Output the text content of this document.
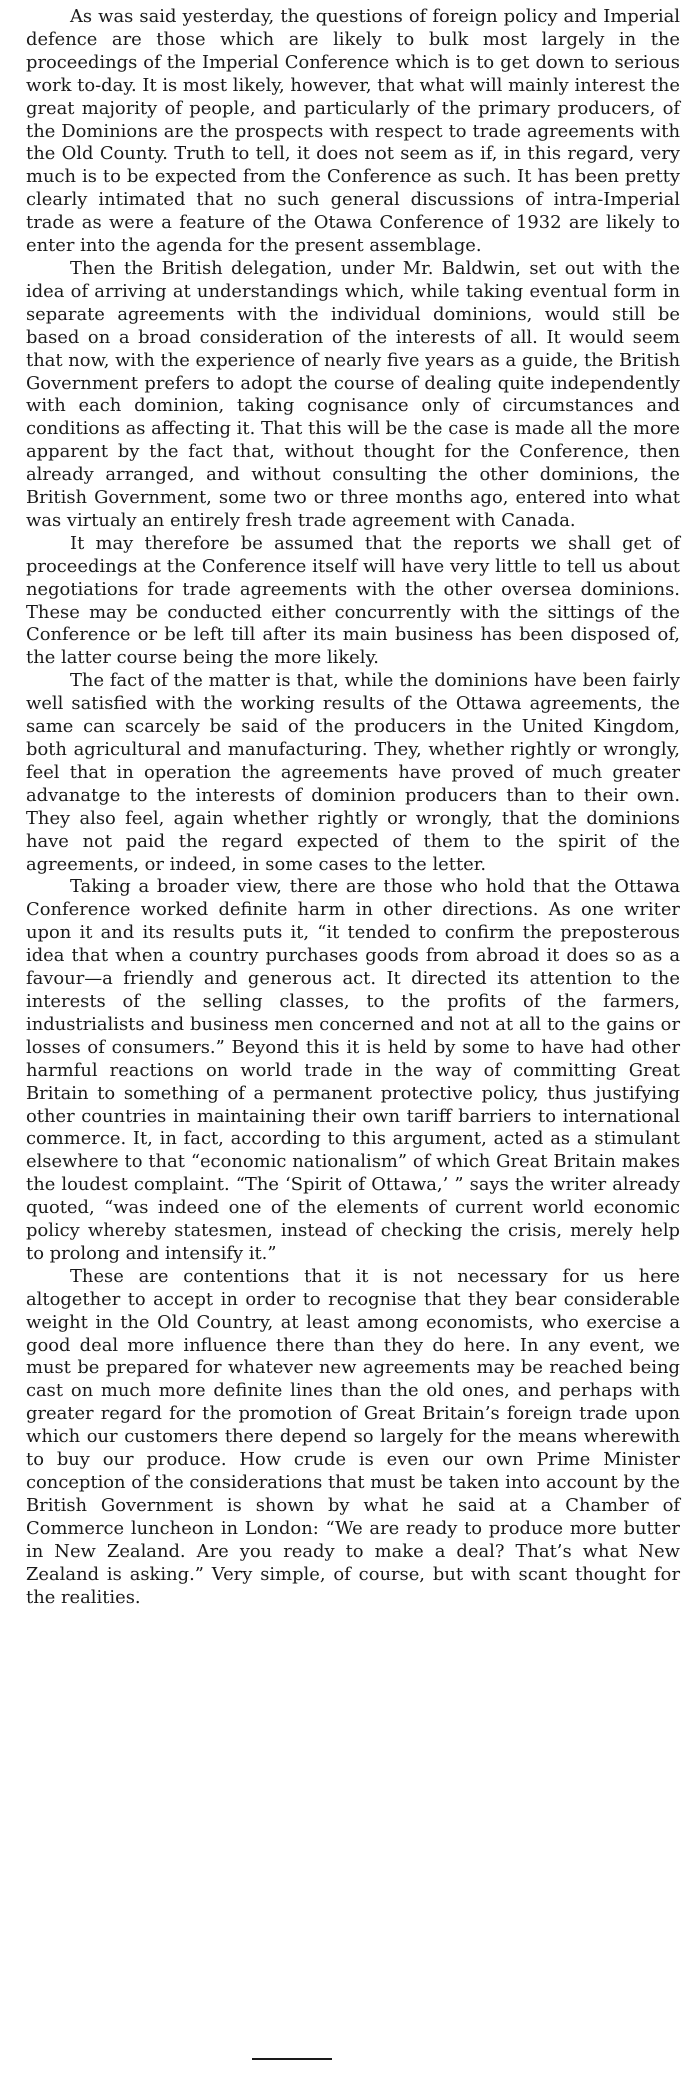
As was said yesterday, the questions of foreign policy and Imperial defence are those which are likely to bulk most largely in the proceedings of the Imperial Conference which is to get down to serious work to-day. It is most likely, however, that what will mainly interest the great majority of people, and particularly of the primary producers, of the Dominions are the prospects with respect to trade agreements with the Old County. Truth to tell, it does not seem as if, in this regard, very much is to be expected from the Conference as such. It has been pretty clearly intimated that no such general discussions of intra-Imperial trade as were a feature of the Otawa Conference of 1932 are likely to enter into the agenda for the present assemblage.

Then the British delegation, under Mr. Baldwin, set out with the idea of arriving at understandings which, while taking eventual form in separate agreements with the individual dominions, would still be based on a broad consideration of the interests of all. It would seem that now, with the experience of nearly five years as a guide, the British Government prefers to adopt the course of dealing quite independently with each dominion, taking cognisance only of circumstances and conditions as affecting it. That this will be the case is made all the more apparent by the fact that, without thought for the Conference, then already arranged, and without consulting the other dominions, the British Government, some two or three months ago, entered into what was virtualy an entirely fresh trade agreement with Canada.

It may therefore be assumed that the reports we shall get of proceedings at the Conference itself will have very little to tell us about negotiations for trade agreements with the other oversea dominions. These may be conducted either concurrently with the sittings of the Conference or be left till after its main business has been disposed of, the latter course being the more likely.

The fact of the matter is that, while the dominions have been fairly well satisfied with the working results of the Ottawa agreements, the same can scarcely be said of the producers in the United Kingdom, both agricultural and manufacturing. They, whether rightly or wrongly, feel that in operation the agreements have proved of much greater advanatge to the interests of dominion producers than to their own. They also feel, again whether rightly or wrongly, that the dominions have not paid the regard expected of them to the spirit of the agreements, or indeed, in some cases to the letter.

Taking a broader view, there are those who hold that the Ottawa Conference worked definite harm in other directions. As one writer upon it and its results puts it, “it tended to confirm the preposterous idea that when a country purchases goods from abroad it does so as a favour—a friendly and generous act. It directed its attention to the interests of the selling classes, to the profits of the farmers, industrialists and business men concerned and not at all to the gains or losses of consumers.” Beyond this it is held by some to have had other harmful reactions on world trade in the way of committing Great Britain to something of a permanent protective policy, thus justifying other countries in maintaining their own tariff barriers to international commerce. It, in fact, according to this argument, acted as a stimulant elsewhere to that “economic nationalism” of which Great Britain makes the loudest complaint. “The ‘Spirit of Ottawa,’ ” says the writer already quoted, “was indeed one of the elements of current world economic policy whereby statesmen, instead of checking the crisis, merely help to prolong and intensify it.”

These are contentions that it is not necessary for us here altogether to accept in order to recognise that they bear considerable weight in the Old Country, at least among economists, who exercise a good deal more influence there than they do here. In any event, we must be prepared for whatever new agreements may be reached being cast on much more definite lines than the old ones, and perhaps with greater regard for the promotion of Great Britain’s foreign trade upon which our customers there depend so largely for the means wherewith to buy our produce. How crude is even our own Prime Minister conception of the considerations that must be taken into account by the British Government is shown by what he said at a Chamber of Commerce luncheon in London: “We are ready to produce more butter in New Zealand. Are you ready to make a deal? That’s what New Zealand is asking.” Very simple, of course, but with scant thought for the realities.
